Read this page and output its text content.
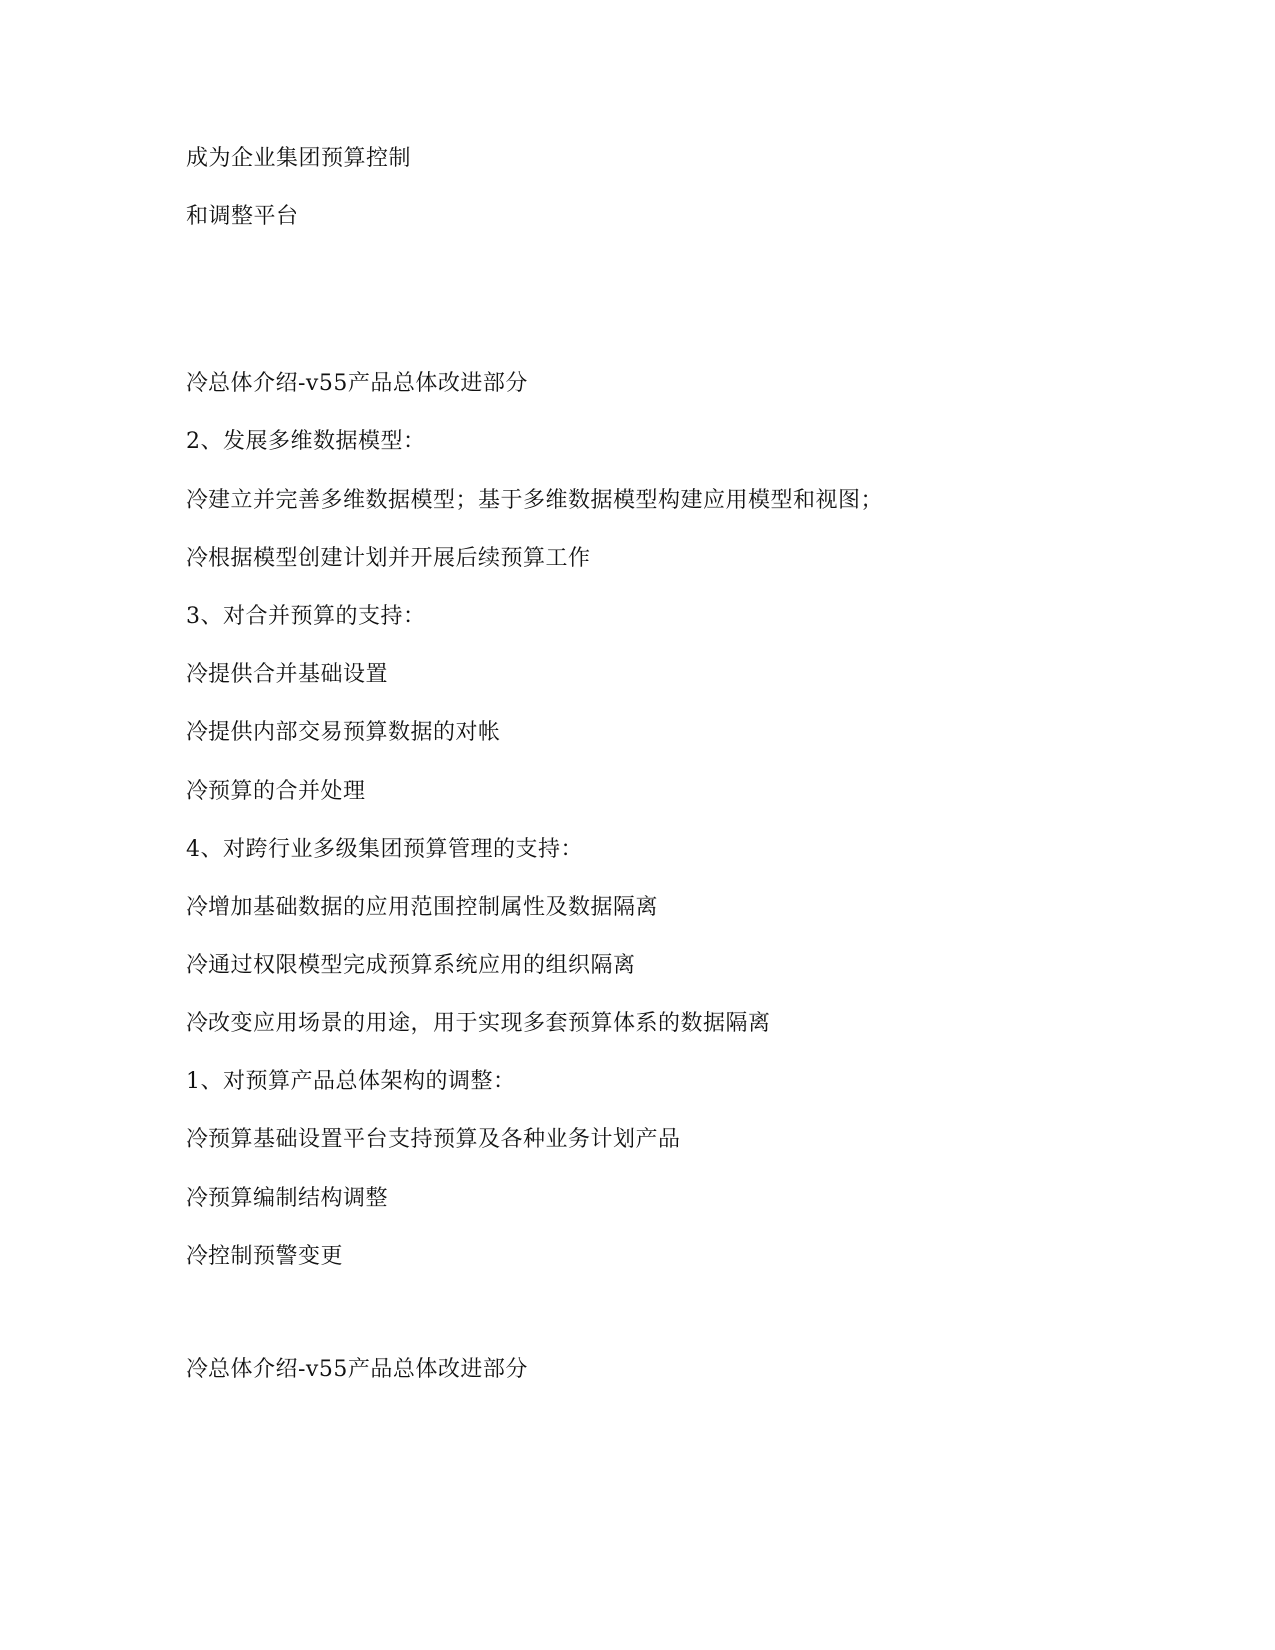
成为企业集团预算控制
和调整平台
冷总体介绍-v55产品总体改进部分
2、发展多维数据模型：
冷建立并完善多维数据模型；基于多维数据模型构建应用模型和视图；
冷根据模型创建计划并开展后续预算工作
3、对合并预算的支持：
冷提供合并基础设置
冷提供内部交易预算数据的对帐
冷预算的合并处理
4、对跨行业多级集团预算管理的支持：
冷增加基础数据的应用范围控制属性及数据隔离
冷通过权限模型完成预算系统应用的组织隔离
冷改变应用场景的用途，用于实现多套预算体系的数据隔离
1、对预算产品总体架构的调整：
冷预算基础设置平台支持预算及各种业务计划产品
冷预算编制结构调整
冷控制预警变更
冷总体介绍-v55产品总体改进部分
